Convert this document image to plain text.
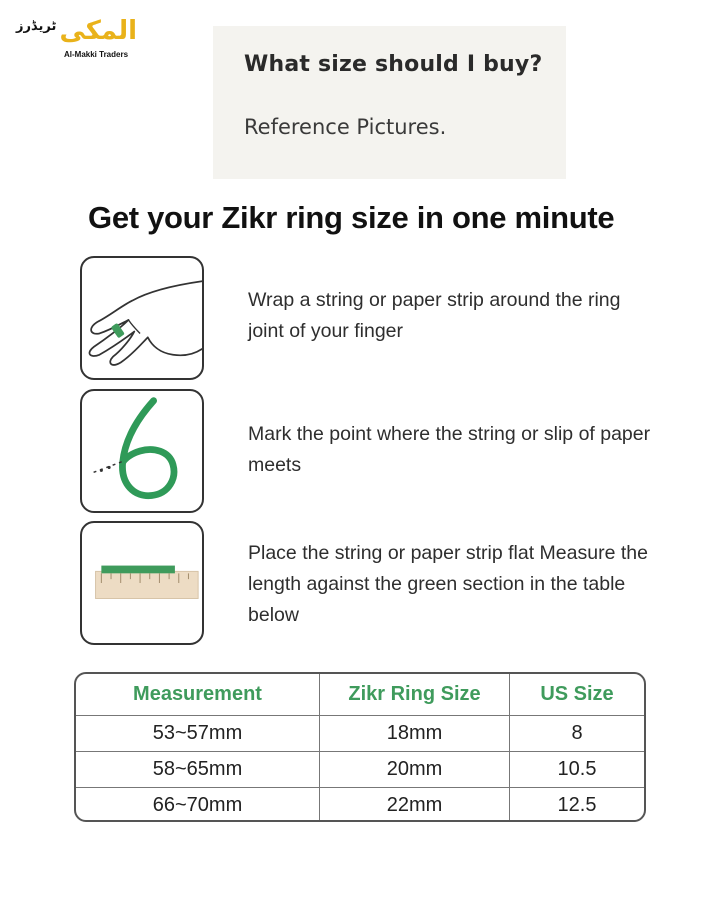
المکی
ٹریڈرز
Al-Makki Traders	What size should I buy?
Reference Pictures.
Get your Zikr ring size in one minute
Wrap a string or paper strip around the ring joint of your finger
Mark the point where the string or slip of paper meets
Place the string or paper strip flat Measure the length against the green section in the table below
Measurement	Zikr Ring Size	US Size
53~57mm	18mm	8
58~65mm	20mm	10.5
66~70mm	22mm	12.5
